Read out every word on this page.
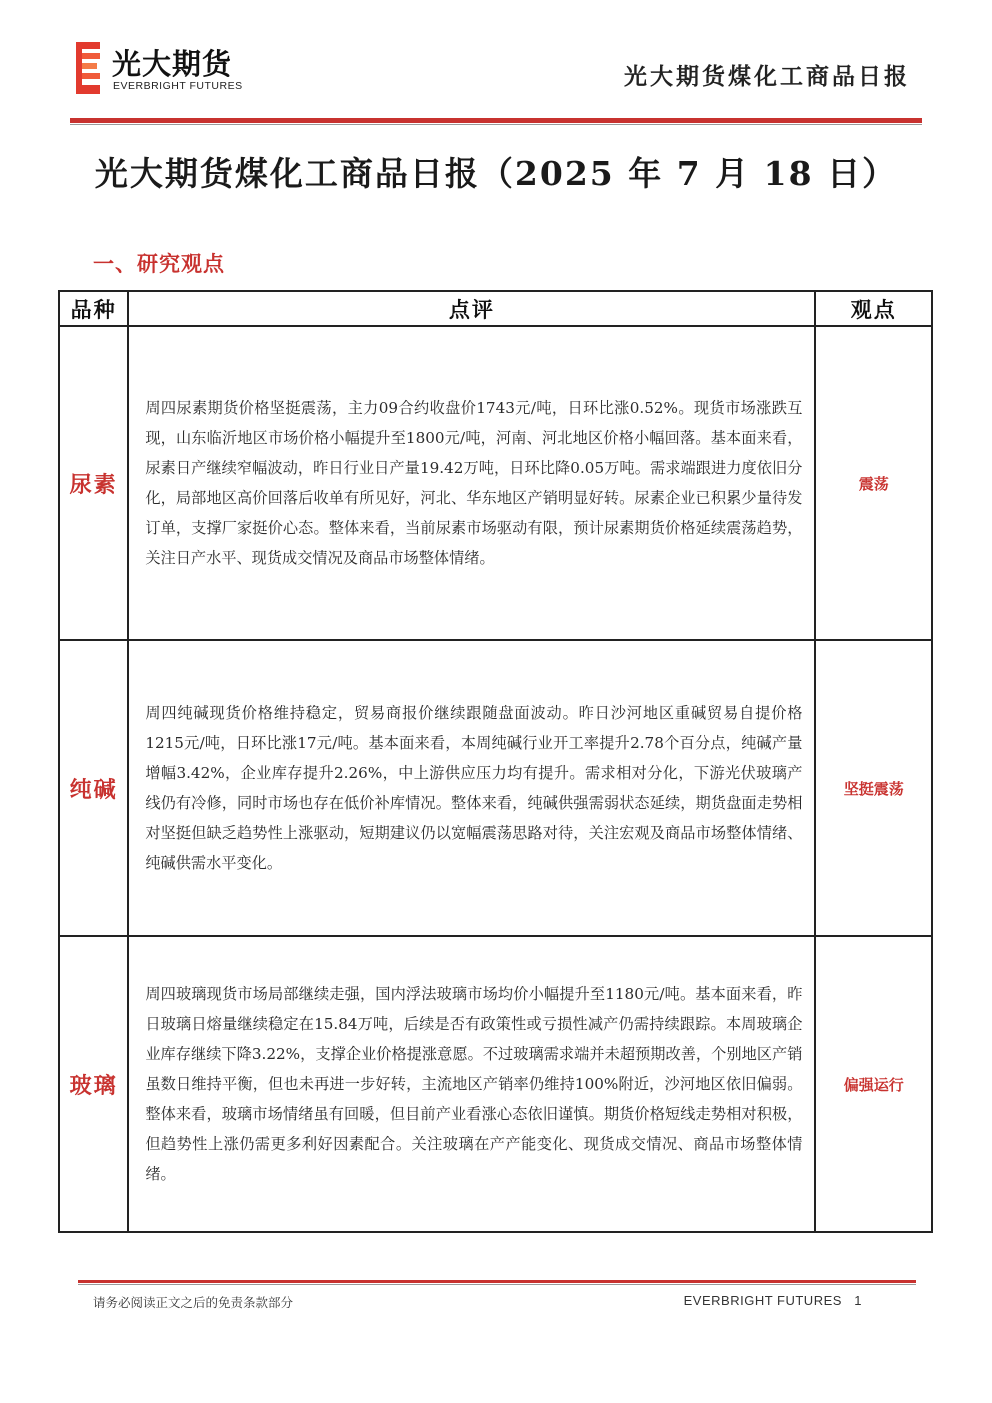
光大期货
EVERBRIGHT FUTURES	光大期货煤化工商品日报
光大期货煤化工商品日报（2025 年 7 月 18 日）
一、研究观点
品种	点评	观点
尿素	周四尿素期货价格坚挺震荡，主力09合约收盘价1743元/吨，日环比涨0.52%。现货市场涨跌互现，山东临沂地区市场价格小幅提升至1800元/吨，河南、河北地区价格小幅回落。基本面来看，尿素日产继续窄幅波动，昨日行业日产量19.42万吨，日环比降0.05万吨。需求端跟进力度依旧分化，局部地区高价回落后收单有所见好，河北、华东地区产销明显好转。尿素企业已积累少量待发订单，支撑厂家挺价心态。整体来看，当前尿素市场驱动有限，预计尿素期货价格延续震荡趋势，关注日产水平、现货成交情况及商品市场整体情绪。	震荡
纯碱	周四纯碱现货价格维持稳定，贸易商报价继续跟随盘面波动。昨日沙河地区重碱贸易自提价格1215元/吨，日环比涨17元/吨。基本面来看，本周纯碱行业开工率提升2.78个百分点，纯碱产量增幅3.42%，企业库存提升2.26%，中上游供应压力均有提升。需求相对分化，下游光伏玻璃产线仍有冷修，同时市场也存在低价补库情况。整体来看，纯碱供强需弱状态延续，期货盘面走势相对坚挺但缺乏趋势性上涨驱动，短期建议仍以宽幅震荡思路对待，关注宏观及商品市场整体情绪、纯碱供需水平变化。	坚挺震荡
玻璃	周四玻璃现货市场局部继续走强，国内浮法玻璃市场均价小幅提升至1180元/吨。基本面来看，昨日玻璃日熔量继续稳定在15.84万吨，后续是否有政策性或亏损性减产仍需持续跟踪。本周玻璃企业库存继续下降3.22%，支撑企业价格提涨意愿。不过玻璃需求端并未超预期改善，个别地区产销虽数日维持平衡，但也未再进一步好转，主流地区产销率仍维持100%附近，沙河地区依旧偏弱。整体来看，玻璃市场情绪虽有回暖，但目前产业看涨心态依旧谨慎。期货价格短线走势相对积极，但趋势性上涨仍需更多利好因素配合。关注玻璃在产产能变化、现货成交情况、商品市场整体情绪。	偏强运行
请务必阅读正文之后的免责条款部分	EVERBRIGHT FUTURES 1
